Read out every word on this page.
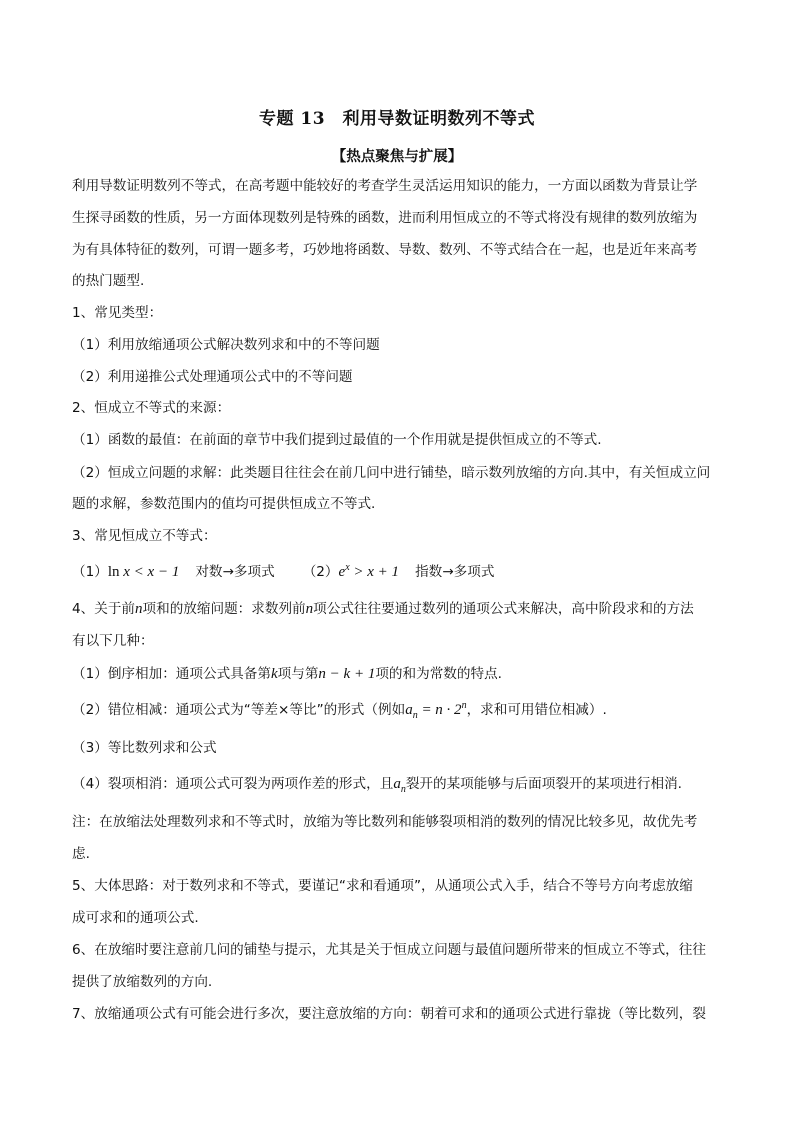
专题 13　利用导数证明数列不等式
【热点聚焦与扩展】
利用导数证明数列不等式，在高考题中能较好的考查学生灵活运用知识的能力，一方面以函数为背景让学
生探寻函数的性质，另一方面体现数列是特殊的函数，进而利用恒成立的不等式将没有规律的数列放缩为
为有具体特征的数列，可谓一题多考，巧妙地将函数、导数、数列、不等式结合在一起，也是近年来高考
的热门题型.
1、常见类型：
（1）利用放缩通项公式解决数列求和中的不等问题
（2）利用递推公式处理通项公式中的不等问题
2、恒成立不等式的来源：
（1）函数的最值：在前面的章节中我们提到过最值的一个作用就是提供恒成立的不等式.
（2）恒成立问题的求解：此类题目往往会在前几问中进行铺垫，暗示数列放缩的方向.其中，有关恒成立问
题的求解，参数范围内的值均可提供恒成立不等式.
3、常见恒成立不等式：
（1）ln x < x − 1 对数→多项式 $(2)e^x > x + 1$ 指数→多项式
4、关于前n项和的放缩问题：求数列前n项公式往往要通过数列的通项公式来解决，高中阶段求和的方法
有以下几种：
（1）倒序相加：通项公式具备第k项与第n − k + 1项的和为常数的特点.
（2）错位相减：通项公式为“等差×等比”的形式（例如$a_n = n \cdot 2^n$，求和可用错位相减）.
（3）等比数列求和公式
（4）裂项相消：通项公式可裂为两项作差的形式，且$a_n$裂开的某项能够与后面项裂开的某项进行相消.
注：在放缩法处理数列求和不等式时，放缩为等比数列和能够裂项相消的数列的情况比较多见，故优先考
虑.
5、大体思路：对于数列求和不等式，要谨记“求和看通项”，从通项公式入手，结合不等号方向考虑放缩
成可求和的通项公式.
6、在放缩时要注意前几问的铺垫与提示，尤其是关于恒成立问题与最值问题所带来的恒成立不等式，往往
提供了放缩数列的方向.
7、放缩通项公式有可能会进行多次，要注意放缩的方向：朝着可求和的通项公式进行靠拢（等比数列，裂
